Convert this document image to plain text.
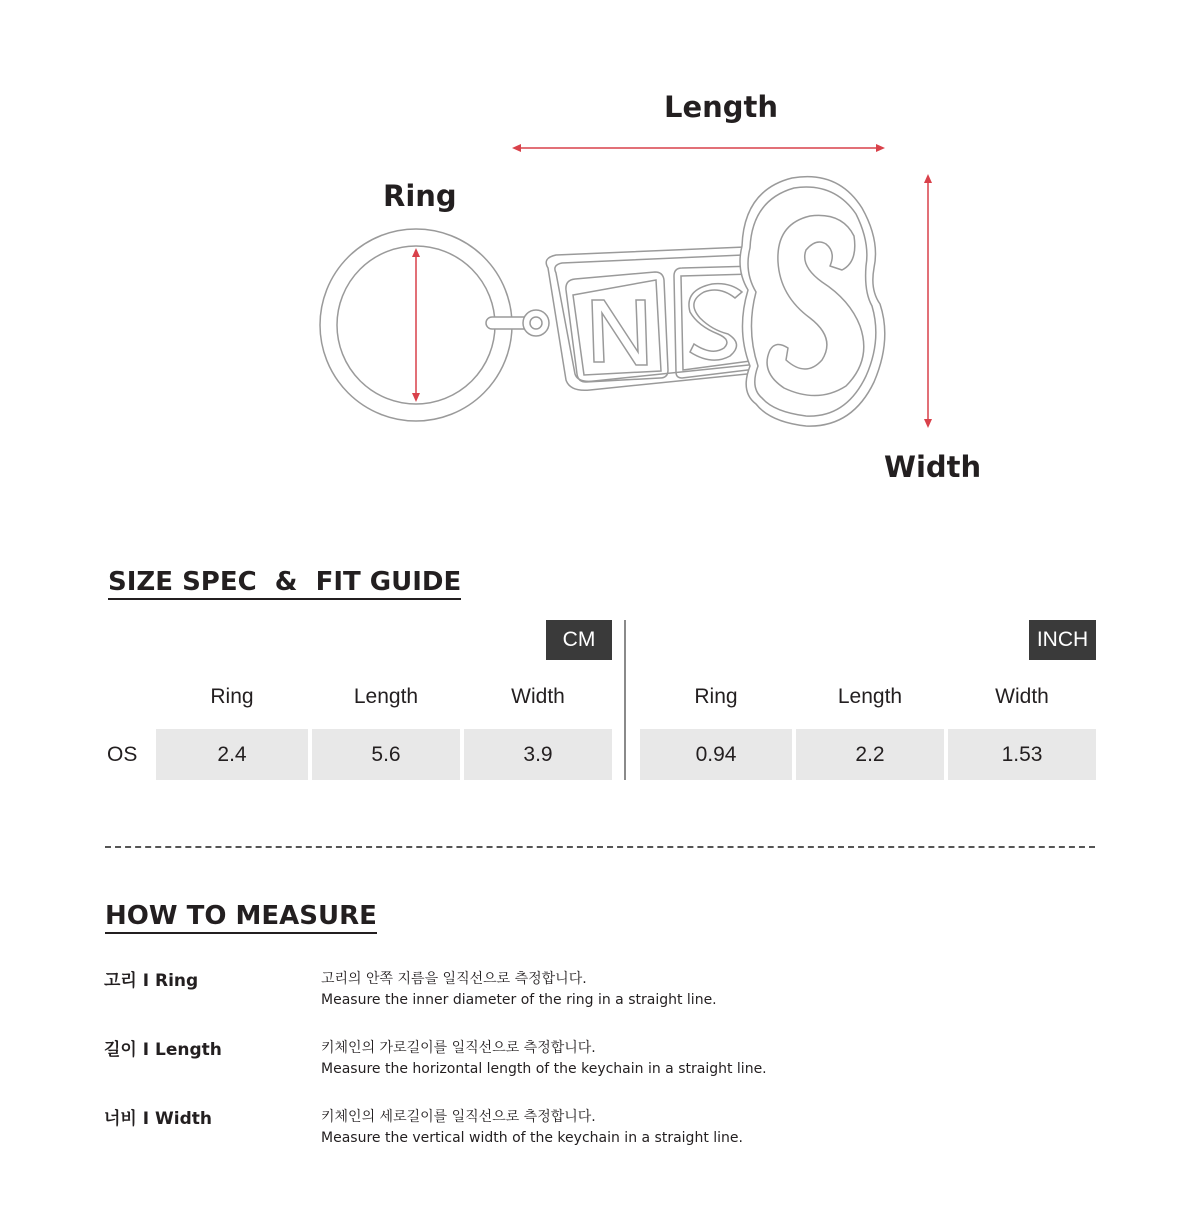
Length
Ring
Width
SIZE SPEC  &  FIT GUIDE
CM
Ring	Length	Width
OS	2.4	5.6	3.9
INCH
Ring	Length	Width
0.94	2.2	1.53
HOW TO MEASURE
고리 I Ring	고리의 안쪽 지름을 일직선으로 측정합니다.
Measure the inner diameter of the ring in a straight line.
길이 I Length	키체인의 가로길이를 일직선으로 측정합니다.
Measure the horizontal length of the keychain in a straight line.
너비 I Width	키체인의 세로길이를 일직선으로 측정합니다.
Measure the vertical width of the keychain in a straight line.
